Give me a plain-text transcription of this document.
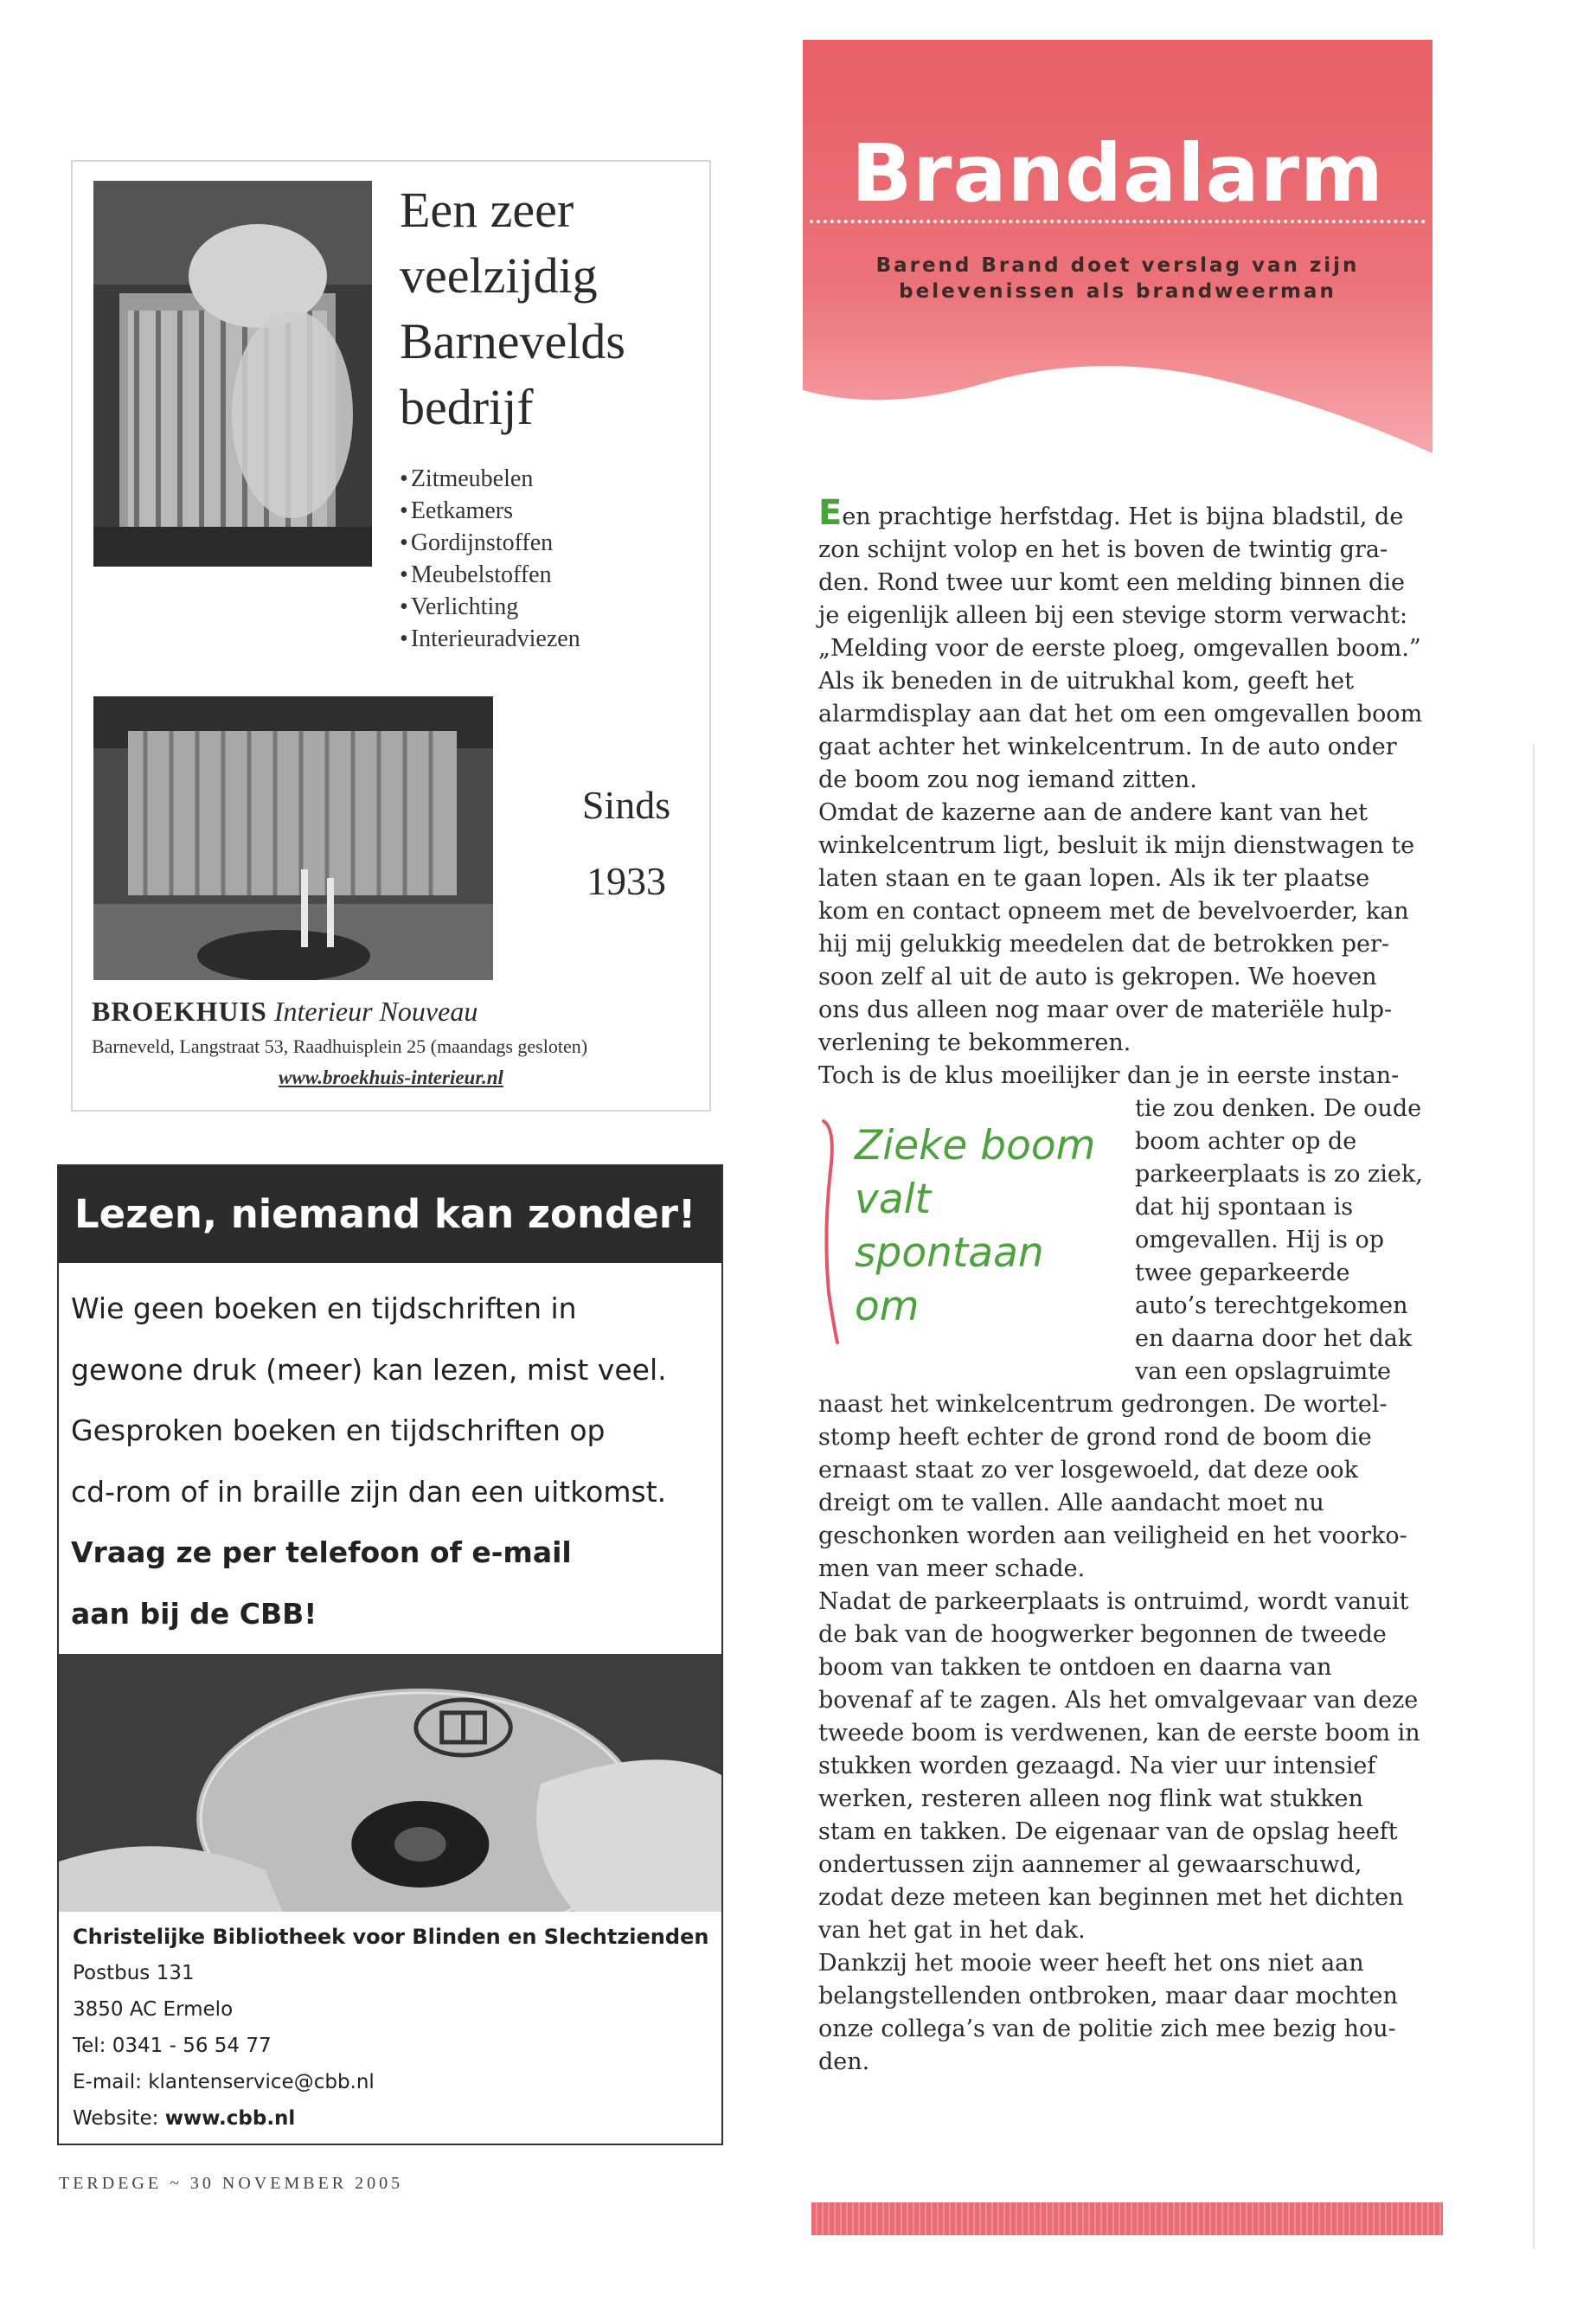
Een zeer
veelzijdig
Barnevelds
bedrijf
• Zitmeubelen
• Eetkamers
• Gordijnstoffen
• Meubelstoffen
• Verlichting
• Interieuradviezen
Sinds
1933
BROEKHUIS Interieur Nouveau
Barneveld, Langstraat 53, Raadhuisplein 25 (maandags gesloten)
www.broekhuis-interieur.nl
Lezen, niemand kan zonder!
Wie geen boeken en tijdschriften in
gewone druk (meer) kan lezen, mist veel.
Gesproken boeken en tijdschriften op
cd-rom of in braille zijn dan een uitkomst.
Vraag ze per telefoon of e-mail
aan bij de CBB!
Christelijke Bibliotheek voor Blinden en Slechtzienden
Postbus 131
3850 AC Ermelo
Tel: 0341 - 56 54 77
E-mail: klantenservice@cbb.nl
Website: www.cbb.nl
TERDEGE ~ 30 NOVEMBER 2005
Brandalarm
Barend Brand doet verslag van zijn belevenissen als brandweerman

Een prachtige herfstdag. Het is bijna bladstil, de zon schijnt volop en het is boven de twintig gra-den. Rond twee uur komt een melding binnen die je eigenlijk alleen bij een stevige storm verwacht: „Melding voor de eerste ploeg, omgevallen boom.” Als ik beneden in de uitrukhal kom, geeft het alarmdisplay aan dat het om een omgevallen boom gaat achter het winkelcentrum. In de auto onder de boom zou nog iemand zitten.

Omdat de kazerne aan de andere kant van het winkelcentrum ligt, besluit ik mijn dienstwagen te laten staan en te gaan lopen. Als ik ter plaatse kom en contact opneem met de bevelvoerder, kan hij mij gelukkig meedelen dat de betrokken per-soon zelf al uit de auto is gekropen. We hoeven ons dus alleen nog maar over de materiële hulp-verlening te bekommeren.

Toch is de klus moeilijker dan je in eerste instan-

tie zou denken. De oude boom achter op de parkeerplaats is zo ziek, dat hij spontaan is omgevallen. Hij is op twee geparkeerde auto’s terechtgekomen en daarna door het dak van een opslagruimte

naast het winkelcentrum gedrongen. De wortel-stomp heeft echter de grond rond de boom die ernaast staat zo ver losgewoeld, dat deze ook dreigt om te vallen. Alle aandacht moet nu geschonken worden aan veiligheid en het voorko-men van meer schade.

Nadat de parkeerplaats is ontruimd, wordt vanuit de bak van de hoogwerker begonnen de tweede boom van takken te ontdoen en daarna van bovenaf af te zagen. Als het omvalgevaar van deze tweede boom is verdwenen, kan de eerste boom in stukken worden gezaagd. Na vier uur intensief werken, resteren alleen nog flink wat stukken stam en takken. De eigenaar van de opslag heeft ondertussen zijn aannemer al gewaarschuwd, zodat deze meteen kan beginnen met het dichten van het gat in het dak.

Dankzij het mooie weer heeft het ons niet aan belangstellenden ontbroken, maar daar mochten onze collega’s van de politie zich mee bezig hou-den.

Zieke boom
valt spontaan
om
